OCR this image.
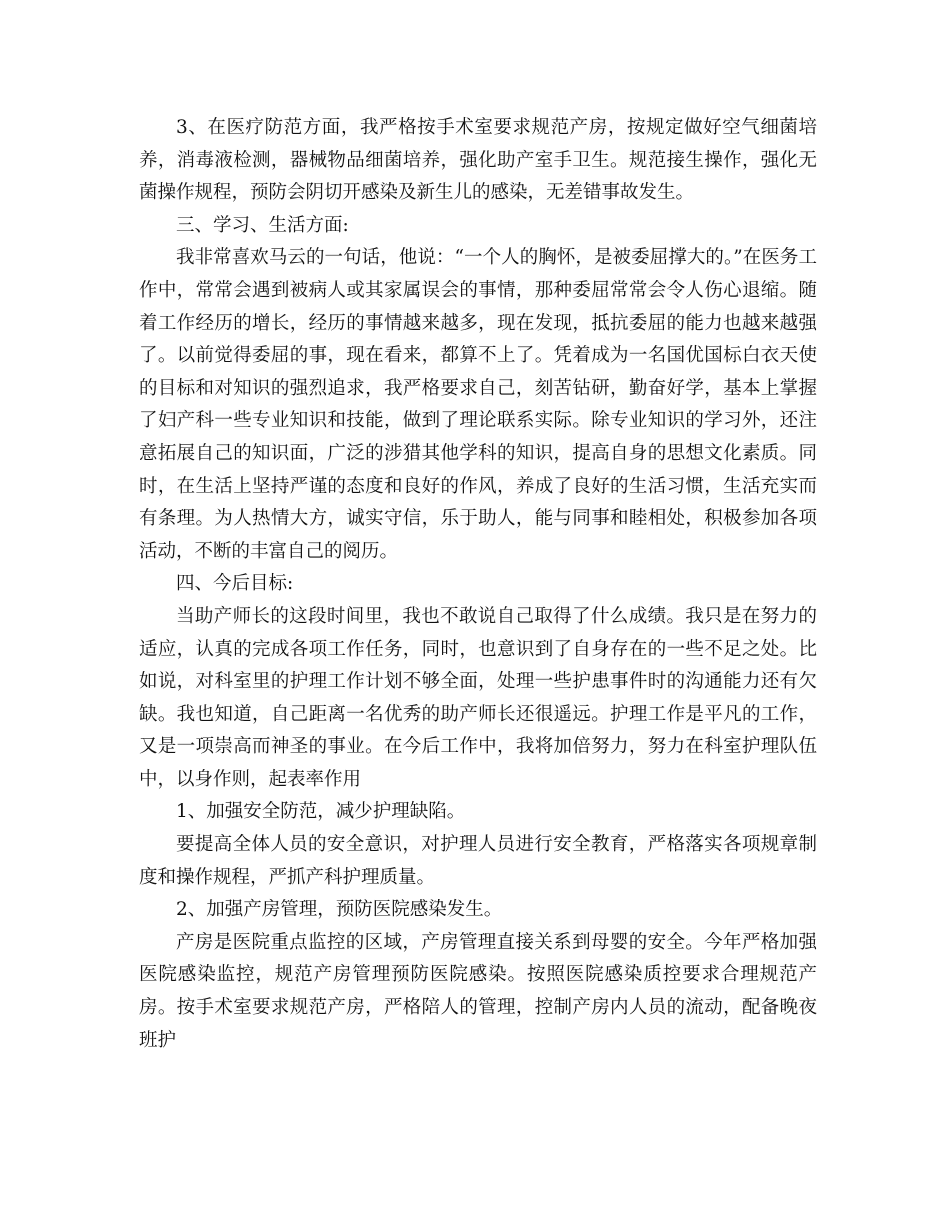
3、在医疗防范方面，我严格按手术室要求规范产房，按规定做好空气细菌培养，消毒液检测，器械物品细菌培养，强化助产室手卫生。规范接生操作，强化无菌操作规程，预防会阴切开感染及新生儿的感染，无差错事故发生。

三、学习、生活方面:

我非常喜欢马云的一句话，他说：“一个人的胸怀，是被委屈撑大的。”在医务工作中，常常会遇到被病人或其家属误会的事情，那种委屈常常会令人伤心退缩。随着工作经历的增长，经历的事情越来越多，现在发现，抵抗委屈的能力也越来越强了。以前觉得委屈的事，现在看来，都算不上了。凭着成为一名国优国标白衣天使的目标和对知识的强烈追求，我严格要求自己，刻苦钻研，勤奋好学，基本上掌握了妇产科一些专业知识和技能，做到了理论联系实际。除专业知识的学习外，还注意拓展自己的知识面，广泛的涉猎其他学科的知识，提高自身的思想文化素质。同时，在生活上坚持严谨的态度和良好的作风，养成了良好的生活习惯，生活充实而有条理。为人热情大方，诚实守信，乐于助人，能与同事和睦相处，积极参加各项活动，不断的丰富自己的阅历。

四、今后目标:

当助产师长的这段时间里，我也不敢说自己取得了什么成绩。我只是在努力的适应，认真的完成各项工作任务，同时，也意识到了自身存在的一些不足之处。比如说，对科室里的护理工作计划不够全面，处理一些护患事件时的沟通能力还有欠缺。我也知道，自己距离一名优秀的助产师长还很遥远。护理工作是平凡的工作，又是一项崇高而神圣的事业。在今后工作中，我将加倍努力，努力在科室护理队伍中，以身作则，起表率作用

1、加强安全防范，减少护理缺陷。

要提高全体人员的安全意识，对护理人员进行安全教育，严格落实各项规章制度和操作规程，严抓产科护理质量。

2、加强产房管理，预防医院感染发生。

产房是医院重点监控的区域，产房管理直接关系到母婴的安全。今年严格加强医院感染监控，规范产房管理预防医院感染。按照医院感染质控要求合理规范产房。按手术室要求规范产房，严格陪人的管理，控制产房内人员的流动，配备晚夜班护
